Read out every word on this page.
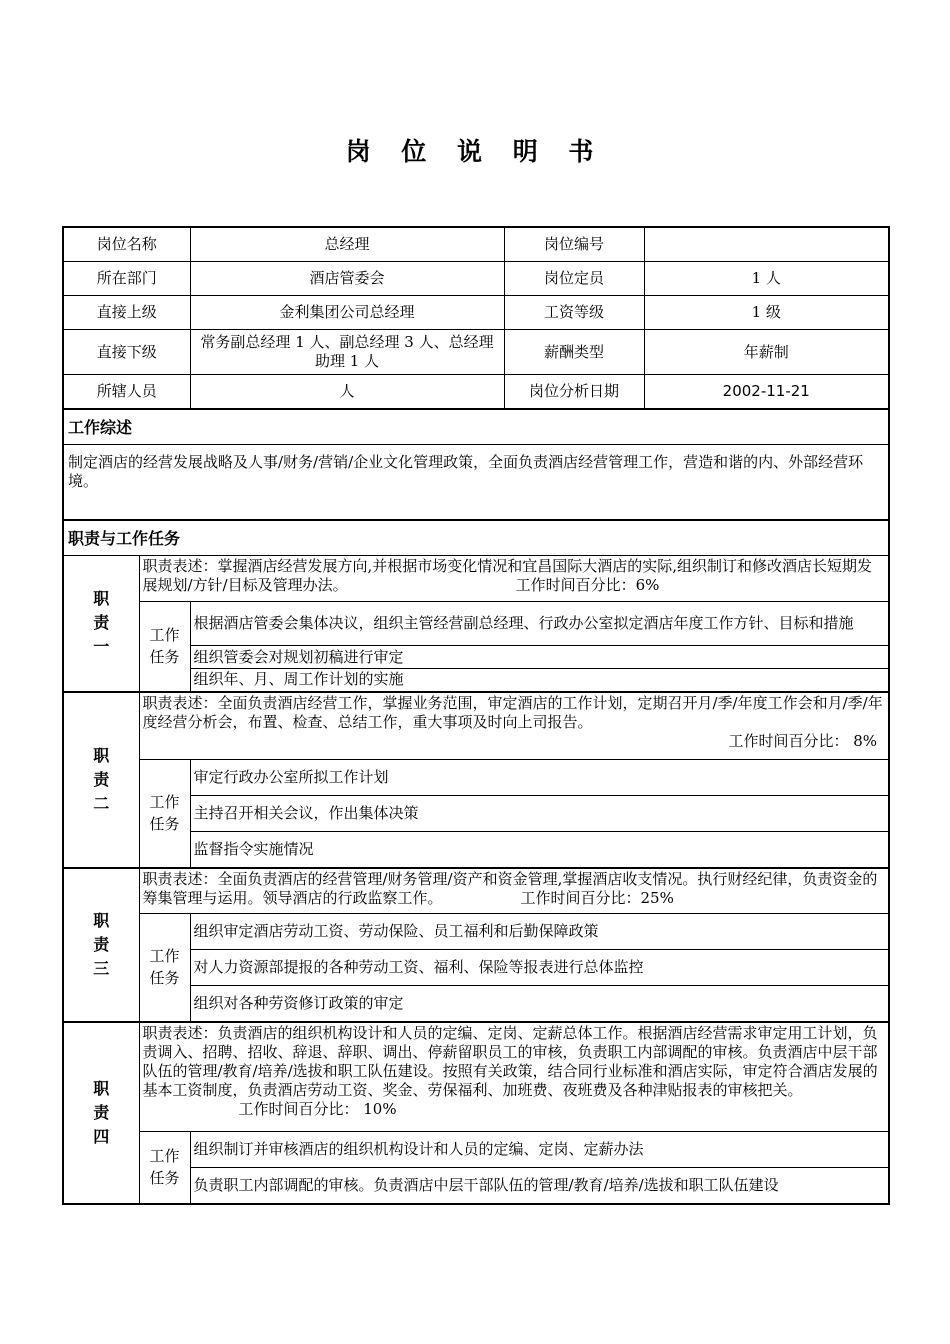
岗 位 说 明 书
岗位名称		总经理	岗位编号	
所在部门		酒店管委会	岗位定员	1 人
直接上级		金利集团公司总经理	工资等级	1 级
直接下级		常务副总经理 1 人、副总经理 3 人、总经理助理 1 人	薪酬类型	年薪制
所辖人员		人	岗位分析日期	2002-11-21
工作综述				
制定酒店的经营发展战略及人事/财务/营销/企业文化管理政策，全面负责酒店经营管理工作，营造和谐的内、外部经营环境。				
职责与工作任务				

职责一	职责表述：掌握酒店经营发展方向,并根据市场变化情况和宜昌国际大酒店的实际,组织制订和修改酒店长短期发展规划/方针/目标及管理办法。 工作时间百分比：6%			

	工作任务	根据酒店管委会集体决议，组织主管经营副总经理、行政办公室拟定酒店年度工作方针、目标和措施		
		组织管委会对规划初稿进行审定		
		组织年、月、周工作计划的实施		

职责二	职责表述：全面负责酒店经营工作，掌握业务范围，审定酒店的工作计划，定期召开月/季/年度工作会和月/季/年度经营分析会，布置、检查、总结工作，重大事项及时向上司报告。
工作时间百分比： 8%			

	工作任务	审定行政办公室所拟工作计划		
		主持召开相关会议，作出集体决策		
		监督指令实施情况		

职责三	职责表述：全面负责酒店的经营管理/财务管理/资产和资金管理,掌握酒店收支情况。执行财经纪律，负责资金的筹集管理与运用。领导酒店的行政监察工作。 工作时间百分比：25%			

	工作任务	组织审定酒店劳动工资、劳动保险、员工福利和后勤保障政策		
		对人力资源部提报的各种劳动工资、福利、保险等报表进行总体监控		
		组织对各种劳资修订政策的审定		

职责四	职责表述：负责酒店的组织机构设计和人员的定编、定岗、定薪总体工作。根据酒店经营需求审定用工计划，负责调入、招聘、招收、辞退、辞职、调出、停薪留职员工的审核，负责职工内部调配的审核。负责酒店中层干部队伍的管理/教育/培养/选拔和职工队伍建设。按照有关政策，结合同行业标准和酒店实际，审定符合酒店发展的基本工资制度，负责酒店劳动工资、奖金、劳保福利、加班费、夜班费及各种津贴报表的审核把关。工作时间百分比： 10%			

	工作任务	组织制订并审核酒店的组织机构设计和人员的定编、定岗、定薪办法		
		负责职工内部调配的审核。负责酒店中层干部队伍的管理/教育/培养/选拔和职工队伍建设		
